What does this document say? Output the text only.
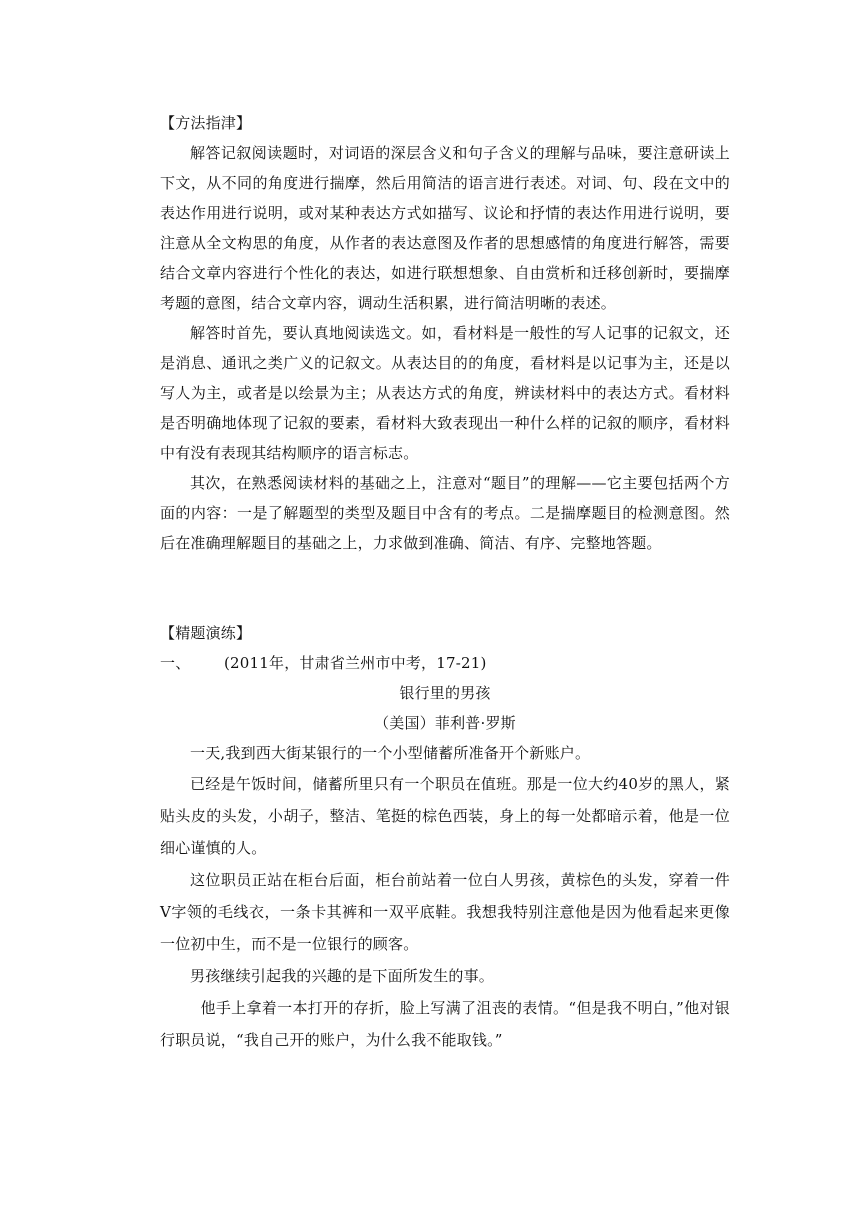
【方法指津】

解答记叙阅读题时，对词语的深层含义和句子含义的理解与品味，要注意研读上下文，从不同的角度进行揣摩，然后用简洁的语言进行表述。对词、句、段在文中的表达作用进行说明，或对某种表达方式如描写、议论和抒情的表达作用进行说明，要注意从全文构思的角度，从作者的表达意图及作者的思想感情的角度进行解答，需要结合文章内容进行个性化的表达，如进行联想想象、自由赏析和迁移创新时，要揣摩考题的意图，结合文章内容，调动生活积累，进行简洁明晰的表述。

解答时首先，要认真地阅读选文。如，看材料是一般性的写人记事的记叙文，还是消息、通讯之类广义的记叙文。从表达目的的角度，看材料是以记事为主，还是以写人为主，或者是以绘景为主；从表达方式的角度，辨读材料中的表达方式。看材料是否明确地体现了记叙的要素，看材料大致表现出一种什么样的记叙的顺序，看材料中有没有表现其结构顺序的语言标志。

其次，在熟悉阅读材料的基础之上，注意对“题目”的理解——它主要包括两个方面的内容：一是了解题型的类型及题目中含有的考点。二是揣摩题目的检测意图。然后在准确理解题目的基础之上，力求做到准确、简洁、有序、完整地答题。

【精题演练】

一、 (2011年，甘肃省兰州市中考，17-21)

银行里的男孩

（美国）菲利普·罗斯

一天,我到西大街某银行的一个小型储蓄所准备开个新账户。

已经是午饭时间，储蓄所里只有一个职员在值班。那是一位大约40岁的黑人，紧贴头皮的头发，小胡子，整洁、笔挺的棕色西装，身上的每一处都暗示着，他是一位细心谨慎的人。

这位职员正站在柜台后面，柜台前站着一位白人男孩，黄棕色的头发，穿着一件V字领的毛线衣，一条卡其裤和一双平底鞋。我想我特别注意他是因为他看起来更像一位初中生，而不是一位银行的顾客。

男孩继续引起我的兴趣的是下面所发生的事。

他手上拿着一本打开的存折，脸上写满了沮丧的表情。“但是我不明白，”他对银行职员说，“我自己开的账户，为什么我不能取钱。”
